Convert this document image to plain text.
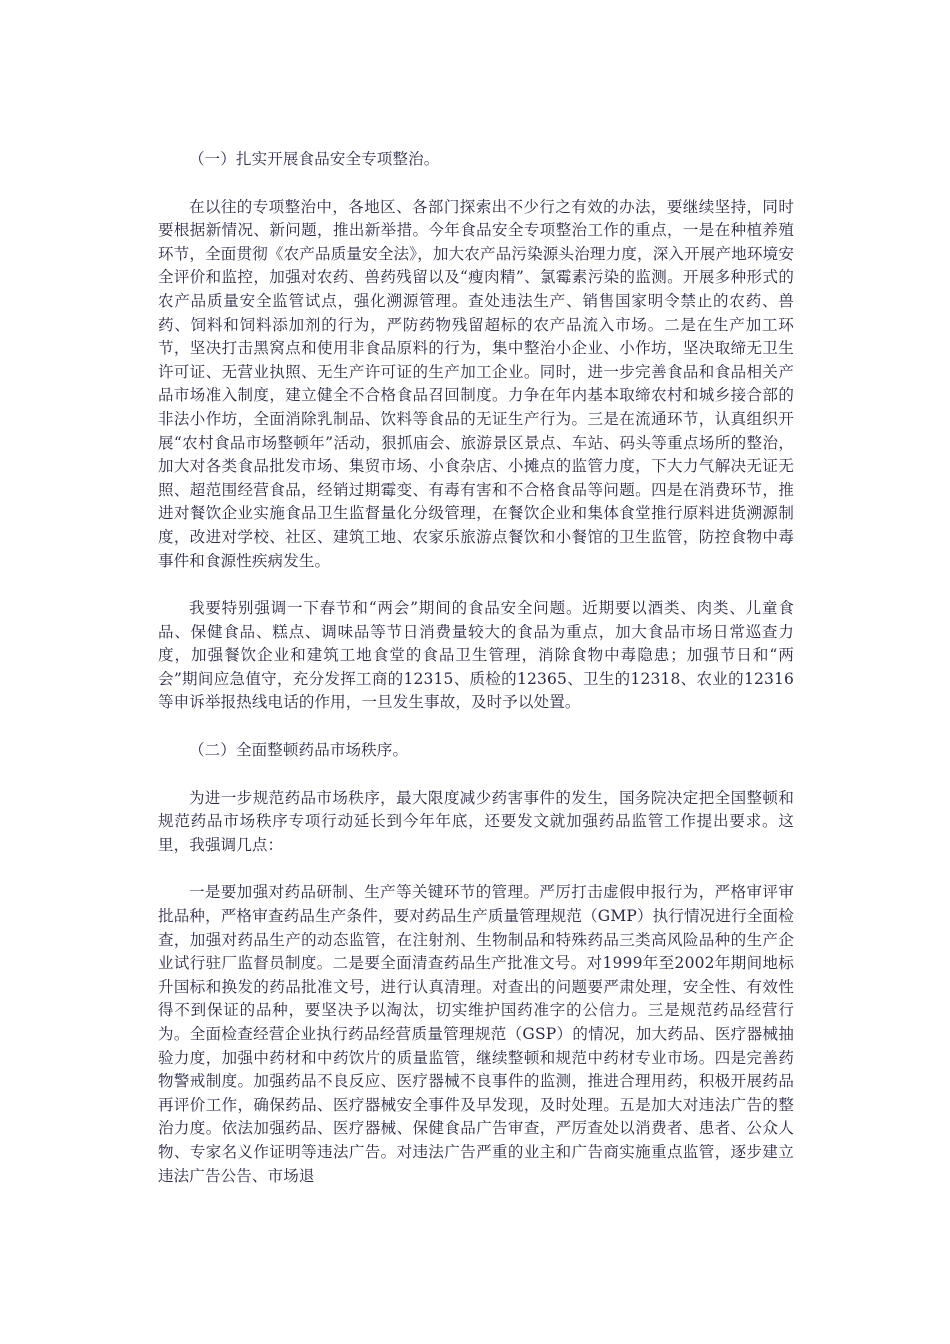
（一）扎实开展食品安全专项整治。

在以往的专项整治中，各地区、各部门探索出不少行之有效的办法，要继续坚持，同时要根据新情况、新问题，推出新举措。今年食品安全专项整治工作的重点，一是在种植养殖环节，全面贯彻《农产品质量安全法》，加大农产品污染源头治理力度，深入开展产地环境安全评价和监控，加强对农药、兽药残留以及“瘦肉精”、氯霉素污染的监测。开展多种形式的农产品质量安全监管试点，强化溯源管理。查处违法生产、销售国家明令禁止的农药、兽药、饲料和饲料添加剂的行为，严防药物残留超标的农产品流入市场。二是在生产加工环节，坚决打击黑窝点和使用非食品原料的行为，集中整治小企业、小作坊，坚决取缔无卫生许可证、无营业执照、无生产许可证的生产加工企业。同时，进一步完善食品和食品相关产品市场准入制度，建立健全不合格食品召回制度。力争在年内基本取缔农村和城乡接合部的非法小作坊，全面消除乳制品、饮料等食品的无证生产行为。三是在流通环节，认真组织开展“农村食品市场整顿年”活动，狠抓庙会、旅游景区景点、车站、码头等重点场所的整治，加大对各类食品批发市场、集贸市场、小食杂店、小摊点的监管力度，下大力气解决无证无照、超范围经营食品，经销过期霉变、有毒有害和不合格食品等问题。四是在消费环节，推进对餐饮企业实施食品卫生监督量化分级管理，在餐饮企业和集体食堂推行原料进货溯源制度，改进对学校、社区、建筑工地、农家乐旅游点餐饮和小餐馆的卫生监管，防控食物中毒事件和食源性疾病发生。

我要特别强调一下春节和“两会”期间的食品安全问题。近期要以酒类、肉类、儿童食品、保健食品、糕点、调味品等节日消费量较大的食品为重点，加大食品市场日常巡查力度，加强餐饮企业和建筑工地食堂的食品卫生管理，消除食物中毒隐患；加强节日和“两会”期间应急值守，充分发挥工商的12315、质检的12365、卫生的12318、农业的12316等申诉举报热线电话的作用，一旦发生事故，及时予以处置。

（二）全面整顿药品市场秩序。

为进一步规范药品市场秩序，最大限度减少药害事件的发生，国务院决定把全国整顿和规范药品市场秩序专项行动延长到今年年底，还要发文就加强药品监管工作提出要求。这里，我强调几点：

一是要加强对药品研制、生产等关键环节的管理。严厉打击虚假申报行为，严格审评审批品种，严格审查药品生产条件，要对药品生产质量管理规范（GMP）执行情况进行全面检查，加强对药品生产的动态监管，在注射剂、生物制品和特殊药品三类高风险品种的生产企业试行驻厂监督员制度。二是要全面清查药品生产批准文号。对1999年至2002年期间地标升国标和换发的药品批准文号，进行认真清理。对查出的问题要严肃处理，安全性、有效性得不到保证的品种，要坚决予以淘汰，切实维护国药准字的公信力。三是规范药品经营行为。全面检查经营企业执行药品经营质量管理规范（GSP）的情况，加大药品、医疗器械抽验力度，加强中药材和中药饮片的质量监管，继续整顿和规范中药材专业市场。四是完善药物警戒制度。加强药品不良反应、医疗器械不良事件的监测，推进合理用药，积极开展药品再评价工作，确保药品、医疗器械安全事件及早发现，及时处理。五是加大对违法广告的整治力度。依法加强药品、医疗器械、保健食品广告审查，严厉查处以消费者、患者、公众人物、专家名义作证明等违法广告。对违法广告严重的业主和广告商实施重点监管，逐步建立违法广告公告、市场退
